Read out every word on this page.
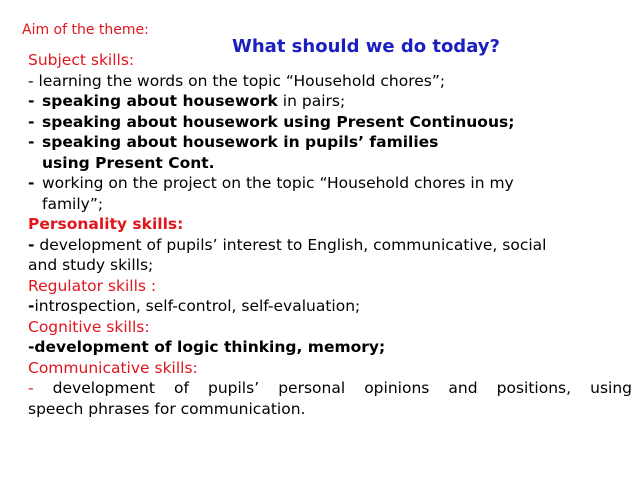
Aim of the theme:
What should we do today?
Subject skills:
- learning the words on the topic “Household chores”;
- speaking about housework in pairs;
- speaking about housework using Present Continuous;
- speaking about housework in pupils’ families
using Present Cont.
- working on the project on the topic “Household chores in my
family”;
Personality skills:
- development of pupils’ interest to English, communicative, social
and study skills;
Regulator skills :
-introspection, self-control, self-evaluation;
Cognitive skills:
-development of logic thinking, memory;
Communicative skills:
- development of pupils’ personal opinions and positions, using
speech phrases for communication.
